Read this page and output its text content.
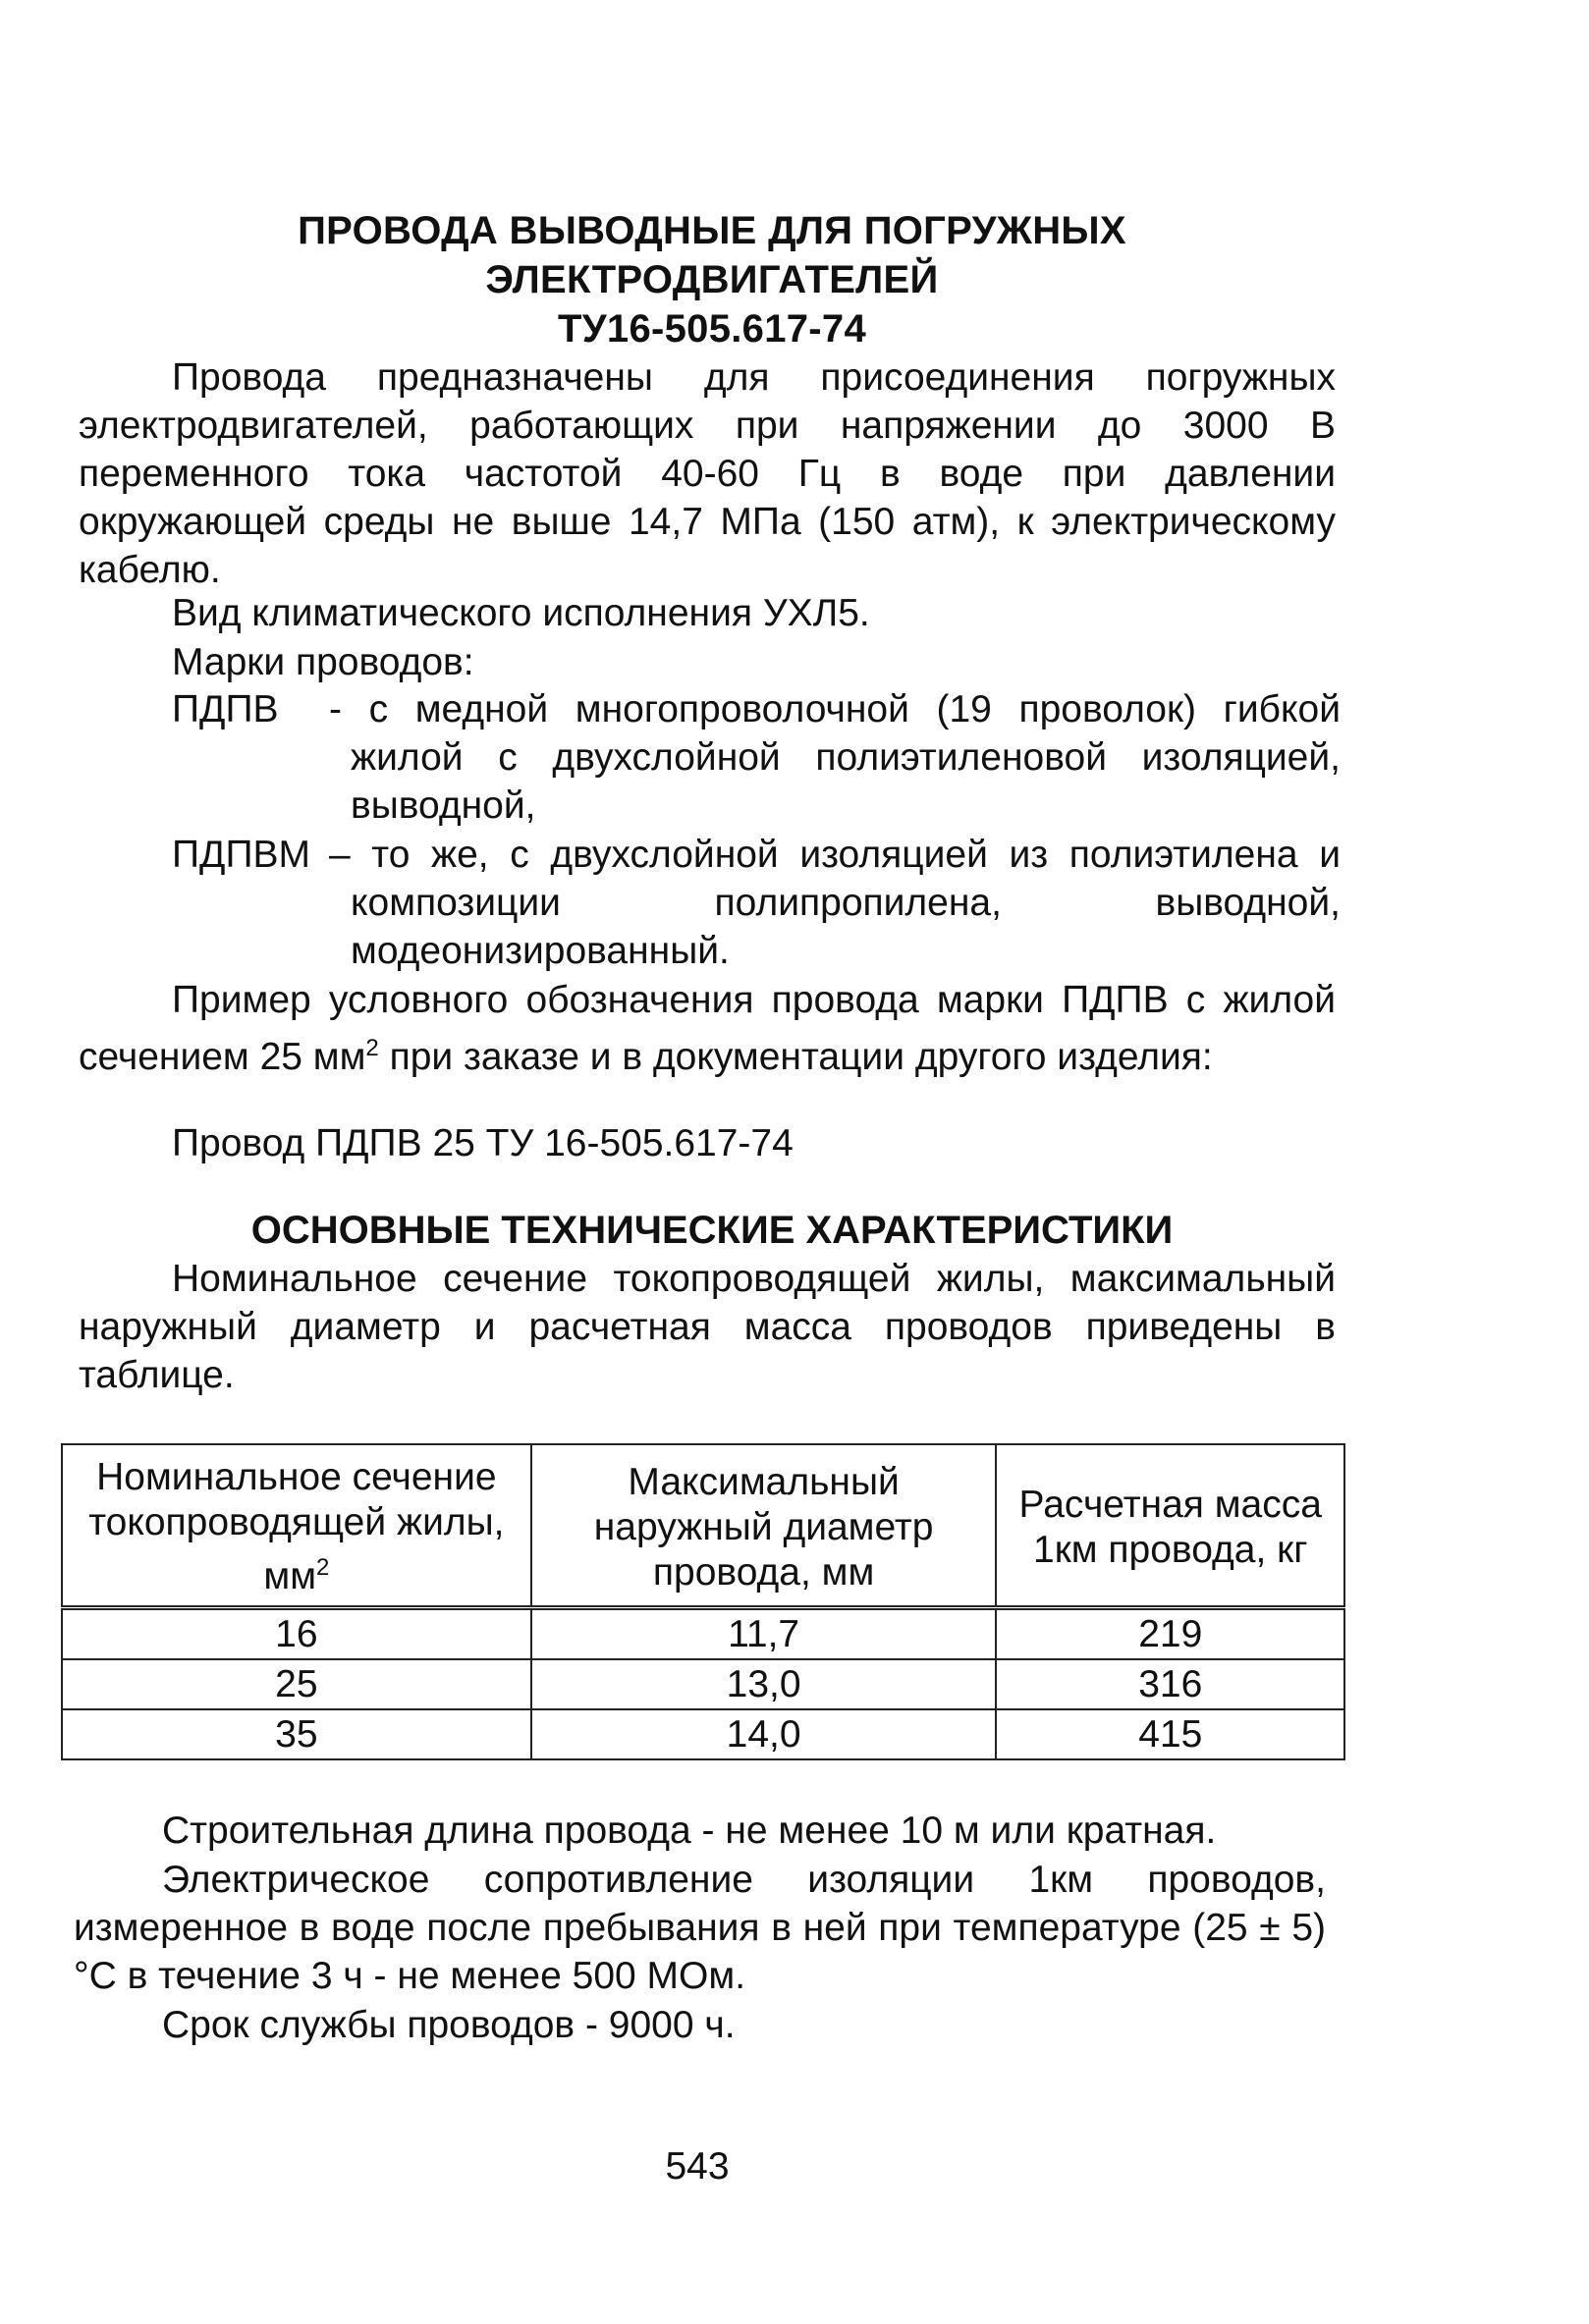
ПРОВОДА ВЫВОДНЫЕ ДЛЯ ПОГРУЖНЫХ
ЭЛЕКТРОДВИГАТЕЛЕЙ
ТУ16-505.617-74
Провода предназначены для присоединения погружных электродвигателей, работающих при напряжении до 3000 В переменного тока частотой 40-60 Гц в воде при давлении окружающей среды не выше 14,7 МПа (150 атм), к электрическому кабелю.
Вид климатического исполнения УХЛ5.
Марки проводов:
ПДПВ	- с медной многопроволочной (19 проволок) гибкой жилой с двухслойной полиэтиленовой изоляцией, выводной,
ПДПВМ – то же, с двухслойной изоляцией из полиэтилена и композиции полипропилена, выводной, модеонизированный.
Пример условного обозначения провода марки ПДПВ с жилой сечением 25 $мм^2$ при заказе и в документации другого изделия:
Провод ПДПВ 25 ТУ 16-505.617-74
ОСНОВНЫЕ ТЕХНИЧЕСКИЕ ХАРАКТЕРИСТИКИ
Номинальное сечение токопроводящей жилы, максимальный наружный диаметр и расчетная масса проводов приведены в таблице.
Номинальное сечение токопроводящей жилы, $мм^2$	Максимальный наружный диаметр провода, мм	Расчетная масса 1км провода, кг
16	11,7	219
25	13,0	316
35	14,0	415
Строительная длина провода - не менее 10 м или кратная.
Электрическое сопротивление изоляции 1км проводов, измеренное в воде после пребывания в ней при температуре (25 ± 5)°С в течение 3 ч - не менее 500 МОм.
Срок службы проводов - 9000 ч.
543
